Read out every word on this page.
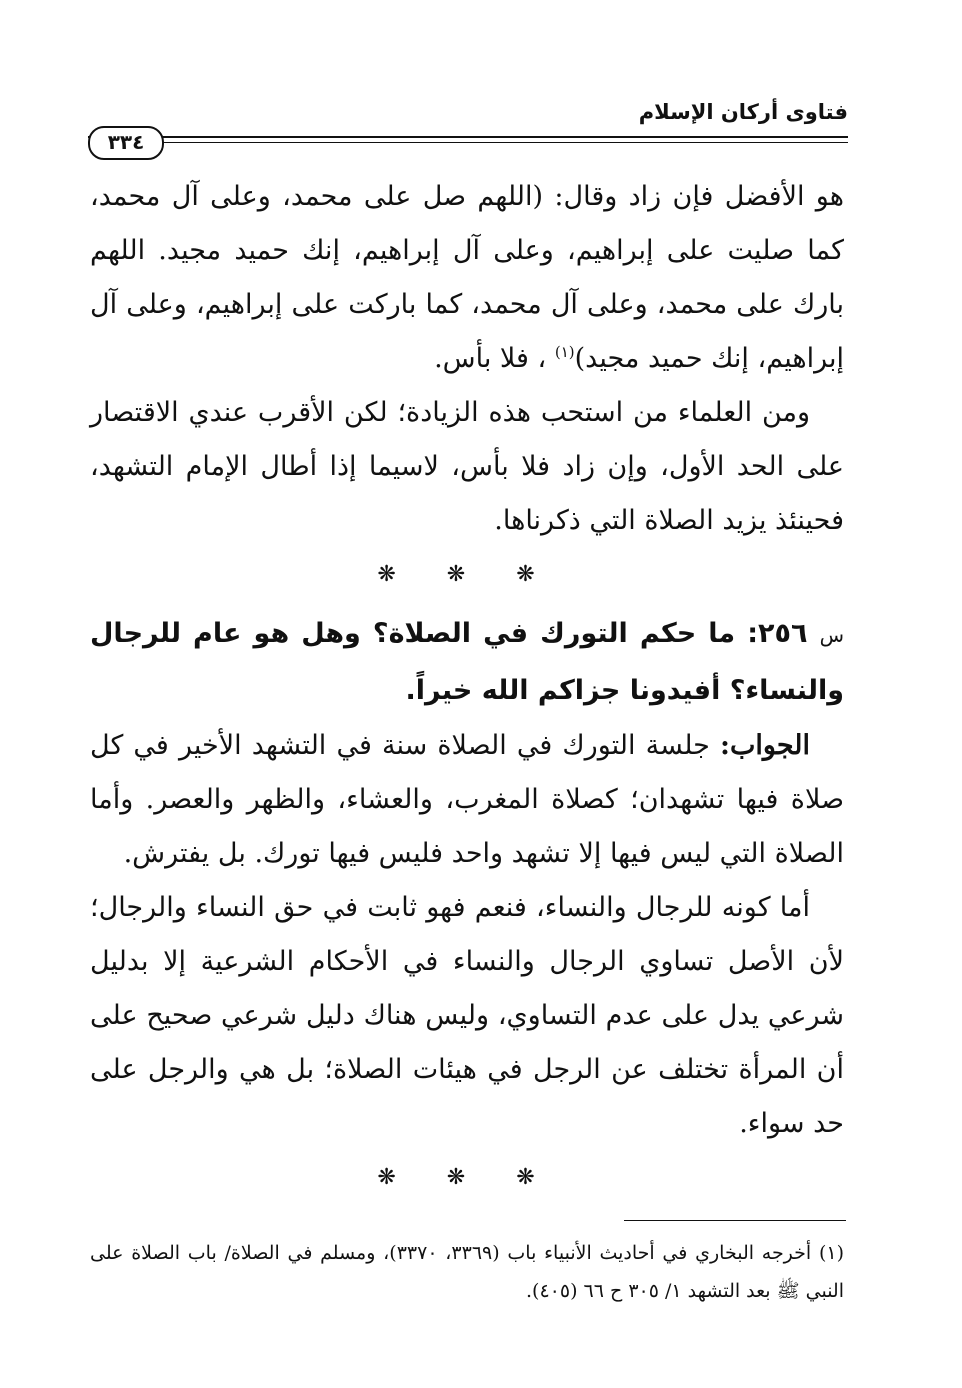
فتاوى أركان الإسلام
٣٣٤

هو الأفضل فإن زاد وقال: (اللهم صل على محمد، وعلى آل محمد، كما صليت على إبراهيم، وعلى آل إبراهيم، إنك حميد مجيد. اللهم بارك على محمد، وعلى آل محمد، كما باركت على إبراهيم، وعلى آل إبراهيم، إنك حميد مجيد)$^{(١)}$ ، فلا بأس.

ومن العلماء من استحب هذه الزيادة؛ لكن الأقرب عندي الاقتصار على الحد الأول، وإن زاد فلا بأس، لاسيما إذا أطال الإمام التشهد، فحينئذ يزيد الصلاة التي ذكرناها.

❋ ❋ ❋

س ٢٥٦: ما حكم التورك في الصلاة؟ وهل هو عام للرجال والنساء؟ أفيدونا جزاكم الله خيراً.

الجواب: جلسة التورك في الصلاة سنة في التشهد الأخير في كل صلاة فيها تشهدان؛ كصلاة المغرب، والعشاء، والظهر والعصر. وأما الصلاة التي ليس فيها إلا تشهد واحد فليس فيها تورك. بل يفترش.

أما كونه للرجال والنساء، فنعم فهو ثابت في حق النساء والرجال؛ لأن الأصل تساوي الرجال والنساء في الأحكام الشرعية إلا بدليل شرعي يدل على عدم التساوي، وليس هناك دليل شرعي صحيح على أن المرأة تختلف عن الرجل في هيئات الصلاة؛ بل هي والرجل على حد سواء.

❋ ❋ ❋
(١) أخرجه البخاري في أحاديث الأنبياء باب (٣٣٦٩، ٣٣٧٠)، ومسلم في الصلاة/ باب الصلاة على النبي ﷺ بعد التشهد ١/ ٣٠٥ ح ٦٦ (٤٠٥).
